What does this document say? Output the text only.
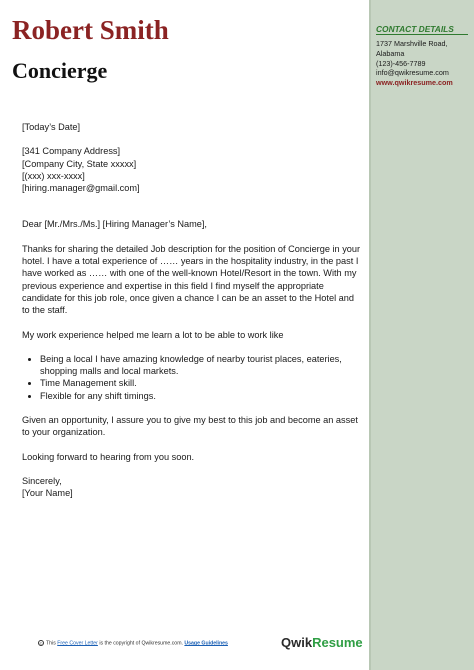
CONTACT DETAILS
1737 Marshville Road,
Alabama
(123)-456-7789
info@qwikresume.com
www.qwikresume.com
Robert Smith
Concierge

[Today’s Date]

[341 Company Address]

[Company City, State xxxxx]

[(xxx) xxx-xxxx]

[hiring.manager@gmail.com]

Dear [Mr./Mrs./Ms.] [Hiring Manager’s Name],

Thanks for sharing the detailed Job description for the position of Concierge in your hotel. I have a total experience of …… years in the hospitality industry, in the past I have worked as …… with one of the well-known Hotel/Resort in the town. With my previous experience and expertise in this field I find myself the appropriate candidate for this job role, once given a chance I can be an asset to the Hotel and to the staff.

My work experience helped me learn a lot to be able to work like

• Being a local I have amazing knowledge of nearby tourist places, eateries, shopping malls and local markets.
• Time Management skill.
• Flexible for any shift timings.

Given an opportunity, I assure you to give my best to this job and become an asset to your organization.

Looking forward to hearing from you soon.

Sincerely,

[Your Name]

© This Free Cover Letter is the copyright of Qwikresume.com. Usage Guidelines	QwikResume
